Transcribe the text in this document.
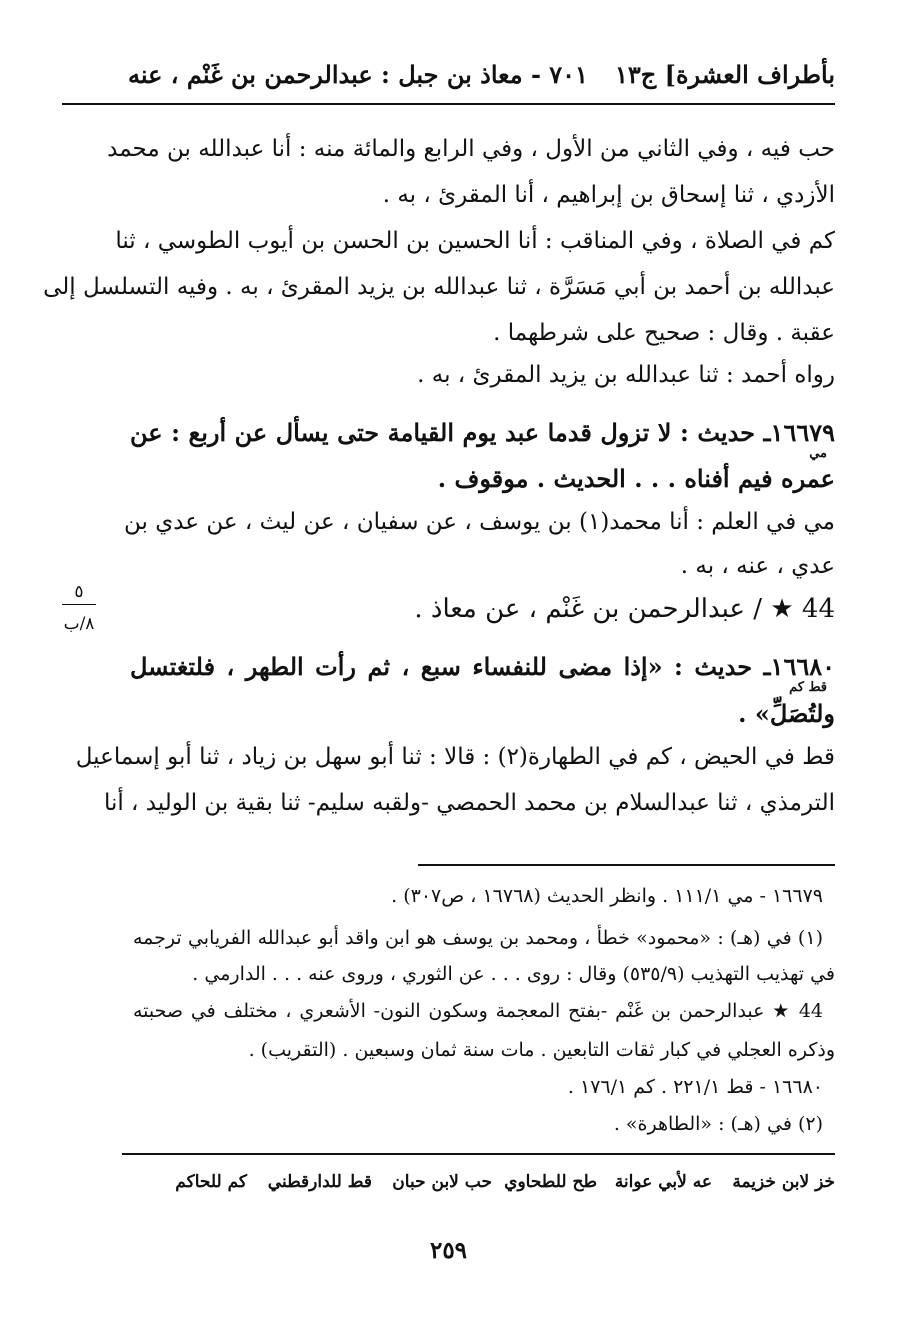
بأطراف العشرة] ج١٣
٧٠١ - معاذ بن جبل : عبدالرحمن بن غَنْم ، عنه
حب فيه ، وفي الثاني من الأول ، وفي الرابع والمائة منه : أنا عبدالله بن محمد
الأزدي ، ثنا إسحاق بن إبراهيم ، أنا المقرئ ، به .
كم في الصلاة ، وفي المناقب : أنا الحسين بن الحسن بن أيوب الطوسي ، ثنا
عبدالله بن أحمد بن أبي مَسَرَّة ، ثنا عبدالله بن يزيد المقرئ ، به . وفيه التسلسل إلى
عقبة . وقال : صحيح على شرطهما .
رواه أحمد : ثنا عبدالله بن يزيد المقرئ ، به .
١٦٦٧٩ـ حديث : لا تزول قدما عبد يوم القيامة حتى يسأل عن أربع : عن
مي
عمره فيم أفناه . . . الحديث . موقوف .
مي في العلم : أنا محمد(١) بن يوسف ، عن سفيان ، عن ليث ، عن عدي بن
عدي ، عنه ، به .
44 ★ / عبدالرحمن بن غَنْم ، عن معاذ .
٥
٨/ب
١٦٦٨٠ـ حديث : «إذا مضى للنفساء سبع ، ثم رأت الطهر ، فلتغتسل
قط كم
ولتُصَلِّ» .
قط في الحيض ، كم في الطهارة(٢) : قالا : ثنا أبو سهل بن زياد ، ثنا أبو إسماعيل
الترمذي ، ثنا عبدالسلام بن محمد الحمصي -ولقبه سليم- ثنا بقية بن الوليد ، أنا
١٦٦٧٩ - مي ١١١/١ . وانظر الحديث (١٦٧٦٨ ، ص٣٠٧) .
(١) في (هـ) : «محمود» خطأ ، ومحمد بن يوسف هو ابن واقد أبو عبدالله الفريابي ترجمه
في تهذيب التهذيب (٥٣٥/٩) وقال : روى . . . عن الثوري ، وروى عنه . . . الدارمي .
44 ★ عبدالرحمن بن غَنْم -بفتح المعجمة وسكون النون- الأشعري ، مختلف في صحبته
وذكره العجلي في كبار ثقات التابعين . مات سنة ثمان وسبعين . (التقريب) .
١٦٦٨٠ - قط ٢٢١/١ . كم ١٧٦/١ .
(٢) في (هـ) : «الطاهرة» .
خز لابن خزيمة
عه لأبي عوانة
طح للطحاوي
حب لابن حبان
قط للدارقطني
كم للحاكم
٢٥٩
